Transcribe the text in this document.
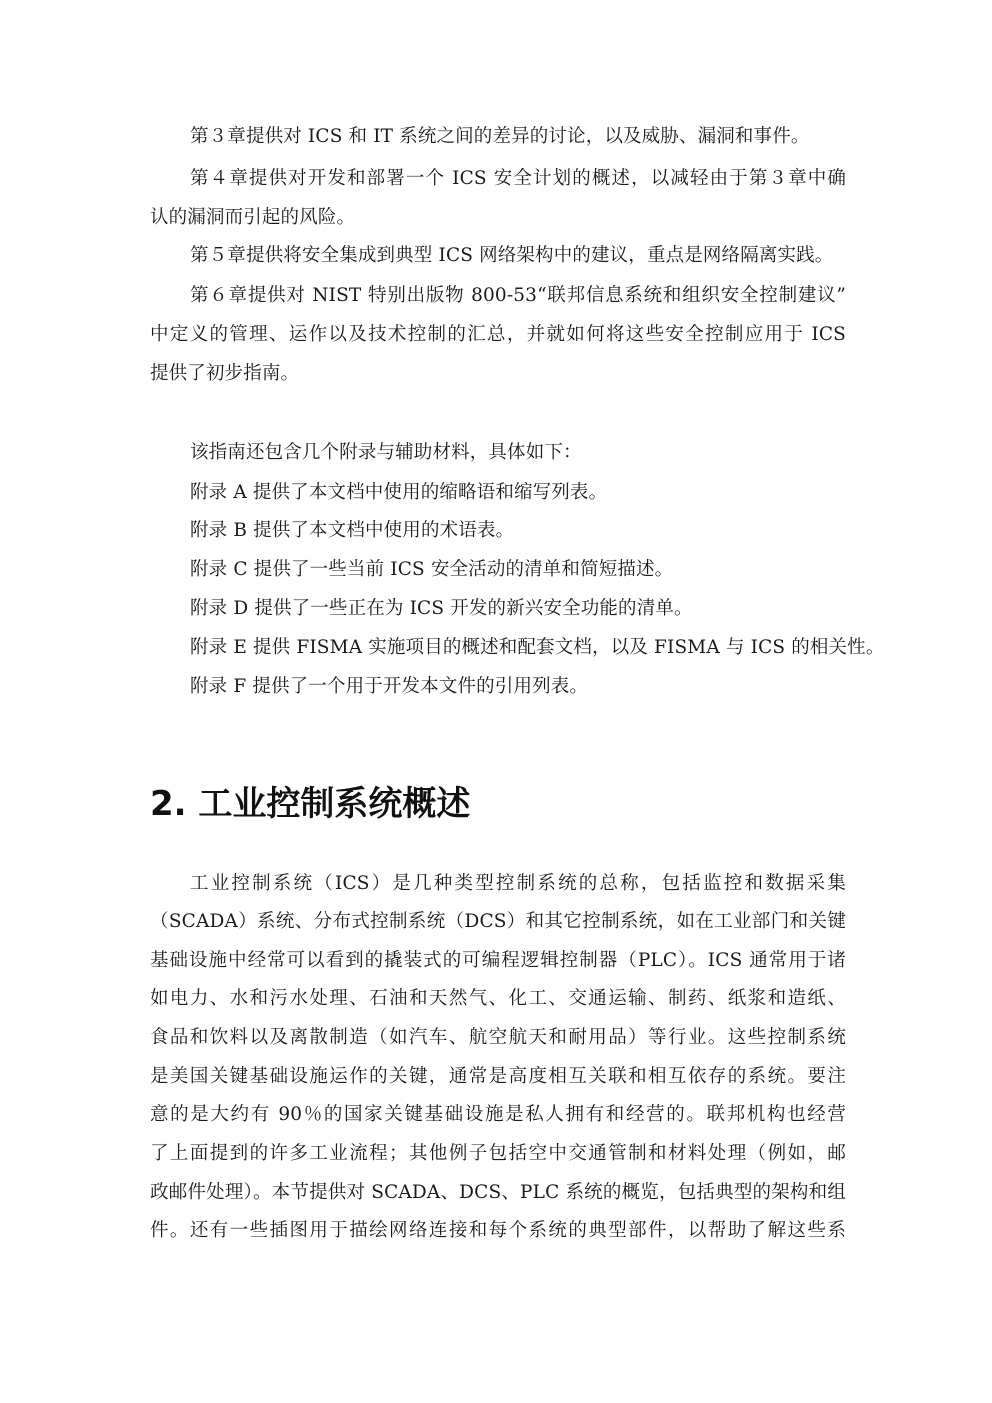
第３章提供对 ICS 和 IT 系统之间的差异的讨论，以及威胁、漏洞和事件。
第４章提供对开发和部署一个 ICS 安全计划的概述，以减轻由于第３章中确
认的漏洞而引起的风险。
第５章提供将安全集成到典型 ICS 网络架构中的建议，重点是网络隔离实践。
第６章提供对 NIST 特别出版物 800-53“联邦信息系统和组织安全控制建议”
中定义的管理、运作以及技术控制的汇总，并就如何将这些安全控制应用于 ICS
提供了初步指南。
该指南还包含几个附录与辅助材料，具体如下：
附录 A 提供了本文档中使用的缩略语和缩写列表。
附录 B 提供了本文档中使用的术语表。
附录 C 提供了一些当前 ICS 安全活动的清单和简短描述。
附录 D 提供了一些正在为 ICS 开发的新兴安全功能的清单。
附录 E 提供 FISMA 实施项目的概述和配套文档，以及 FISMA 与 ICS 的相关性。
附录 F 提供了一个用于开发本文件的引用列表。
2. 工业控制系统概述
工业控制系统（ICS）是几种类型控制系统的总称，包括监控和数据采集
（SCADA）系统、分布式控制系统（DCS）和其它控制系统，如在工业部门和关键
基础设施中经常可以看到的撬装式的可编程逻辑控制器（PLC）。ICS 通常用于诸
如电力、水和污水处理、石油和天然气、化工、交通运输、制药、纸浆和造纸、
食品和饮料以及离散制造（如汽车、航空航天和耐用品）等行业。这些控制系统
是美国关键基础设施运作的关键，通常是高度相互关联和相互依存的系统。要注
意的是大约有 90％的国家关键基础设施是私人拥有和经营的。联邦机构也经营
了上面提到的许多工业流程；其他例子包括空中交通管制和材料处理（例如，邮
政邮件处理）。本节提供对 SCADA、DCS、PLC 系统的概览，包括典型的架构和组
件。还有一些插图用于描绘网络连接和每个系统的典型部件，以帮助了解这些系
